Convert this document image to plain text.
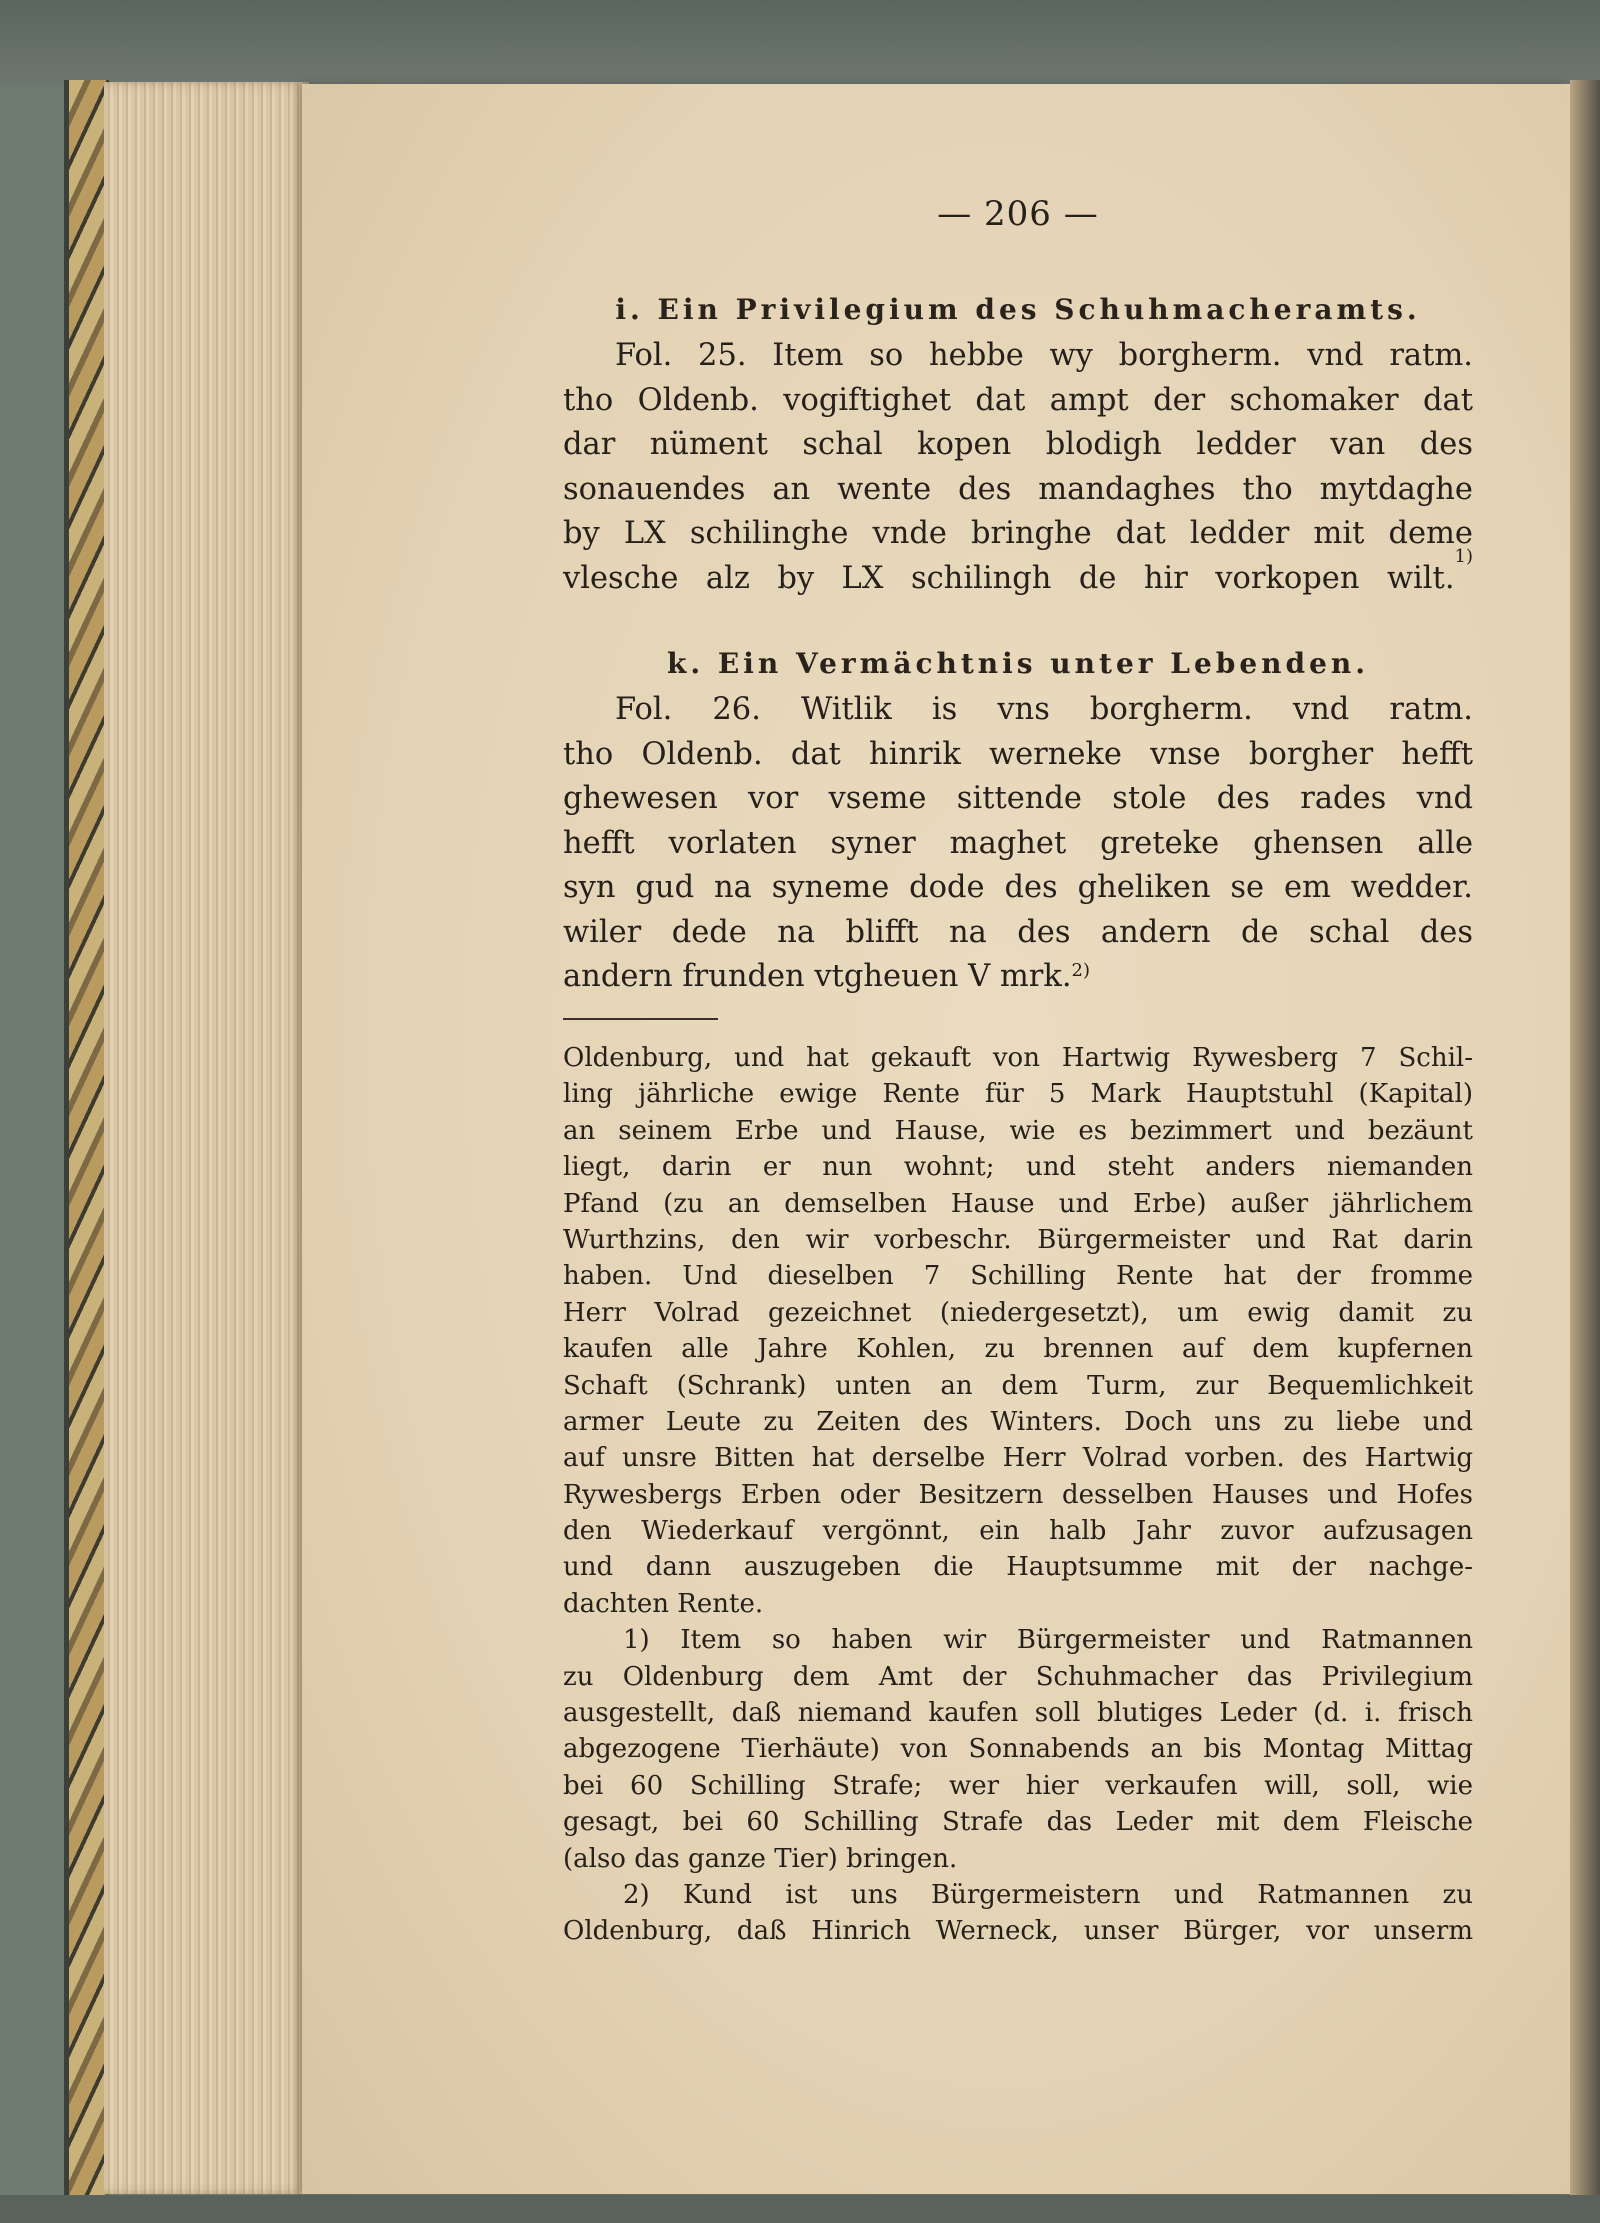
— 206 —
i. Ein Privilegium des Schuhmacheramts.
Fol. 25. Item so hebbe wy borgherm. vnd ratm.
tho Oldenb. vogiftighet dat ampt der schomaker dat
dar nüment schal kopen blodigh ledder van des
sonauendes an wente des mandaghes tho mytdaghe
by LX schilinghe vnde bringhe dat ledder mit deme
vlesche alz by LX schilingh de hir vorkopen wilt.
1)
k. Ein Vermächtnis unter Lebenden.
Fol. 26. Witlik is vns borgherm. vnd ratm.
tho Oldenb. dat hinrik werneke vnse borgher hefft
ghewesen vor vseme sittende stole des rades vnd
hefft vorlaten syner maghet greteke ghensen alle
syn gud na syneme dode des gheliken se em wedder.
wiler dede na blifft na des andern de schal des
andern frunden vtgheuen V mrk.$^{2)}$
Oldenburg, und hat gekauft von Hartwig Rywesberg 7 Schil-
ling jährliche ewige Rente für 5 Mark Hauptstuhl (Kapital)
an seinem Erbe und Hause, wie es bezimmert und bezäunt
liegt, darin er nun wohnt; und steht anders niemanden
Pfand (zu an demselben Hause und Erbe) außer jährlichem
Wurthzins, den wir vorbeschr. Bürgermeister und Rat darin
haben. Und dieselben 7 Schilling Rente hat der fromme
Herr Volrad gezeichnet (niedergesetzt), um ewig damit zu
kaufen alle Jahre Kohlen, zu brennen auf dem kupfernen
Schaft (Schrank) unten an dem Turm, zur Bequemlichkeit
armer Leute zu Zeiten des Winters. Doch uns zu liebe und
auf unsre Bitten hat derselbe Herr Volrad vorben. des Hartwig
Rywesbergs Erben oder Besitzern desselben Hauses und Hofes
den Wiederkauf vergönnt, ein halb Jahr zuvor aufzusagen
und dann auszugeben die Hauptsumme mit der nachge-
dachten Rente.
1) Item so haben wir Bürgermeister und Ratmannen
zu Oldenburg dem Amt der Schuhmacher das Privilegium
ausgestellt, daß niemand kaufen soll blutiges Leder (d. i. frisch
abgezogene Tierhäute) von Sonnabends an bis Montag Mittag
bei 60 Schilling Strafe; wer hier verkaufen will, soll, wie
gesagt, bei 60 Schilling Strafe das Leder mit dem Fleische
(also das ganze Tier) bringen.
2) Kund ist uns Bürgermeistern und Ratmannen zu
Oldenburg, daß Hinrich Werneck, unser Bürger, vor unserm
